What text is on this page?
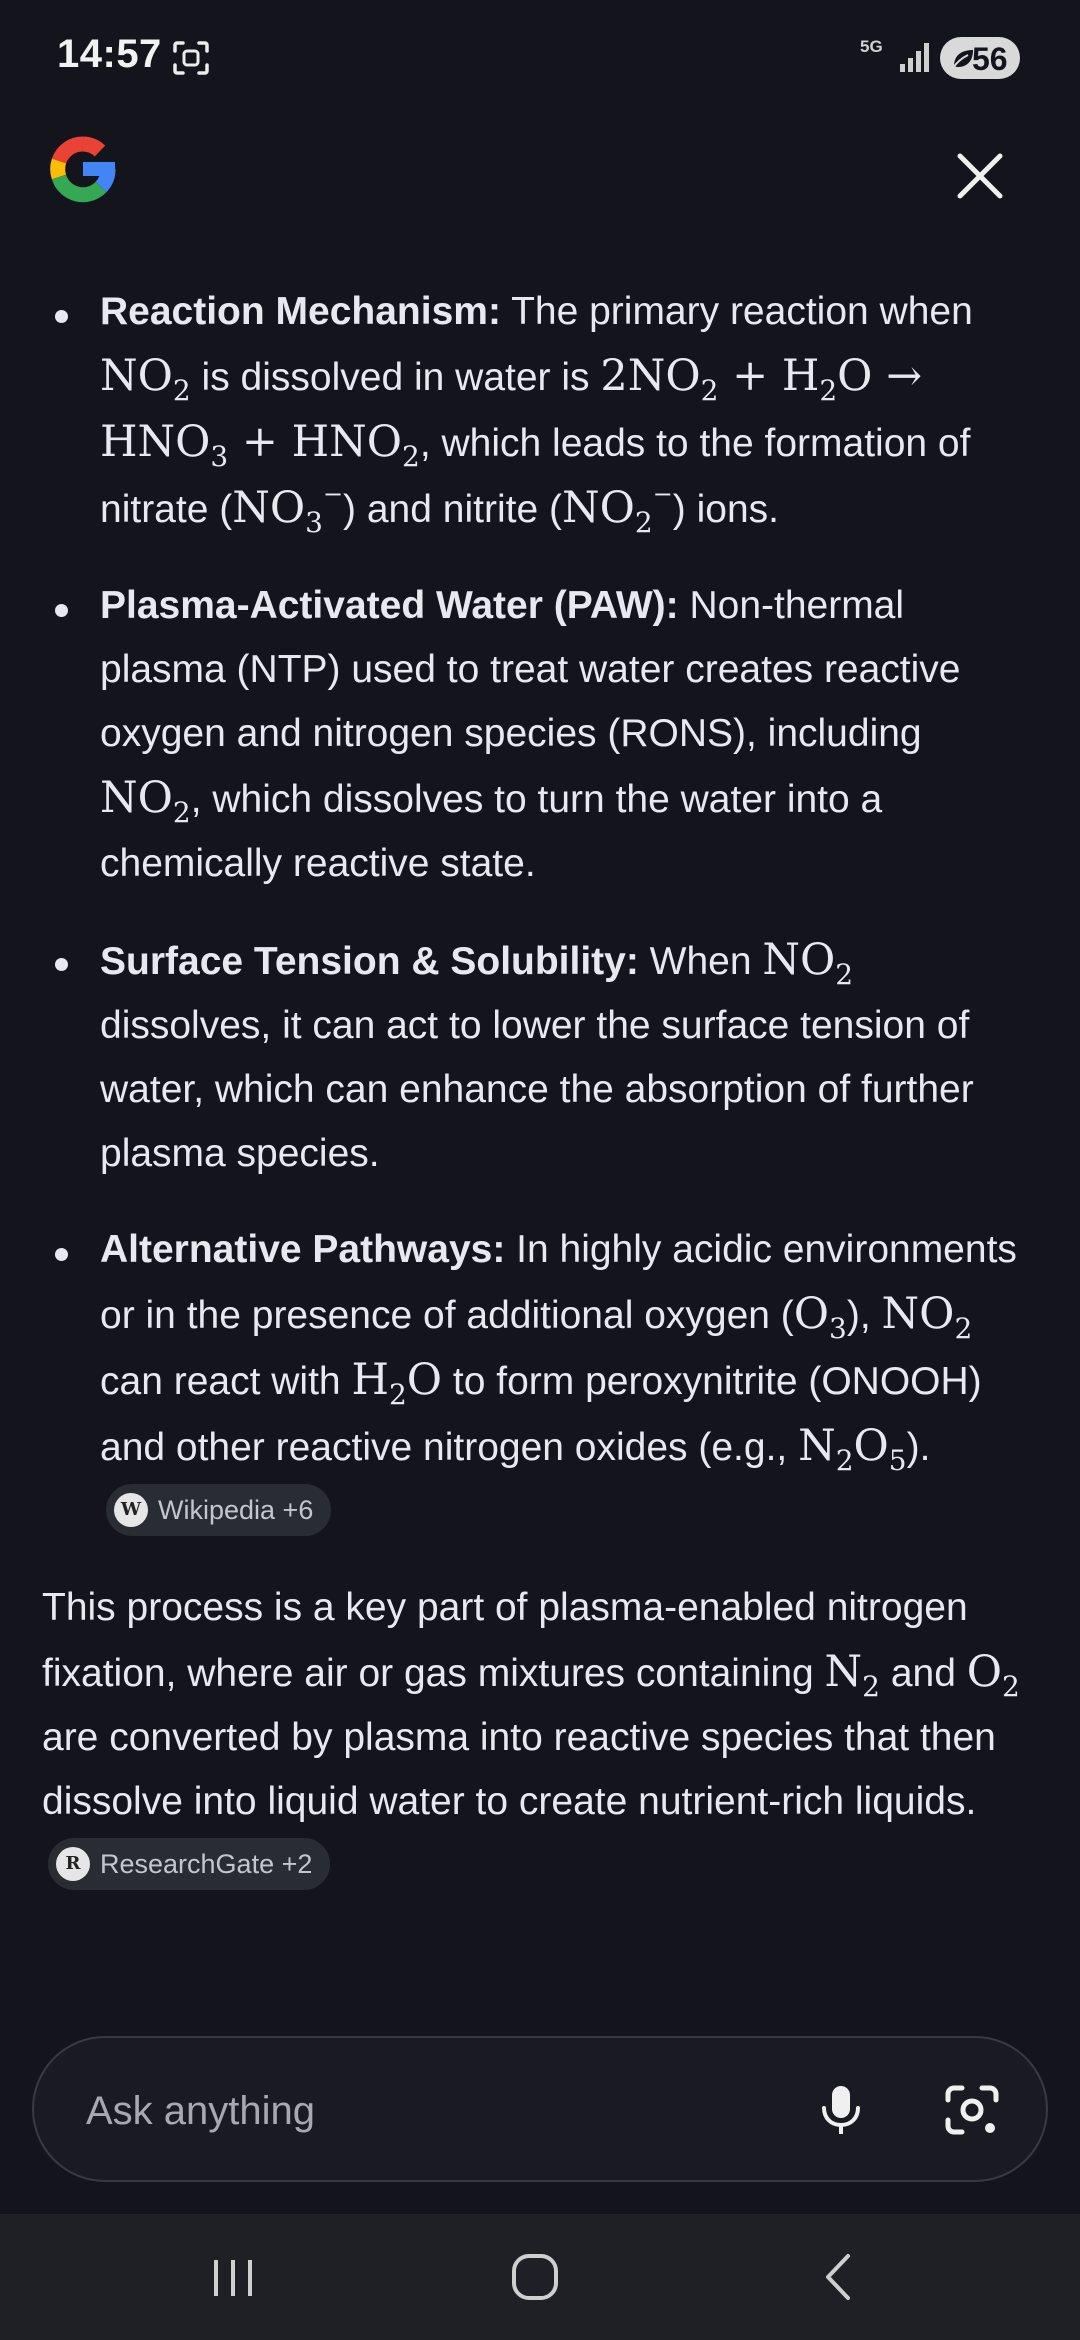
14:57	5G	56

Reaction Mechanism: The primary reaction when $NO_2$ is dissolved in water is $2NO_2 + H_2O \to HNO_3 + HNO_2$, which leads to the formation of nitrate $(NO_3^-)$ and nitrite $(NO_2^-)$ ions.

Plasma-Activated Water (PAW): Non-thermal plasma (NTP) used to treat water creates reactive oxygen and nitrogen species (RONS), including $NO_2$, which dissolves to turn the water into a chemically reactive state.

Surface Tension & Solubility: When $NO_2$ dissolves, it can act to lower the surface tension of water, which can enhance the absorption of further plasma species.

Alternative Pathways: In highly acidic environments or in the presence of additional oxygen $(O_3)$, $NO_2$ can react with $H_2O$ to form peroxynitrite (ONOOH) and other reactive nitrogen oxides (e.g., $N_2O_5$).
W Wikipedia +6

This process is a key part of plasma-enabled nitrogen fixation, where air or gas mixtures containing $N_2$ and $O_2$ are converted by plasma into reactive species that then dissolve into liquid water to create nutrient-rich liquids.
R ResearchGate +2

Ask anything
